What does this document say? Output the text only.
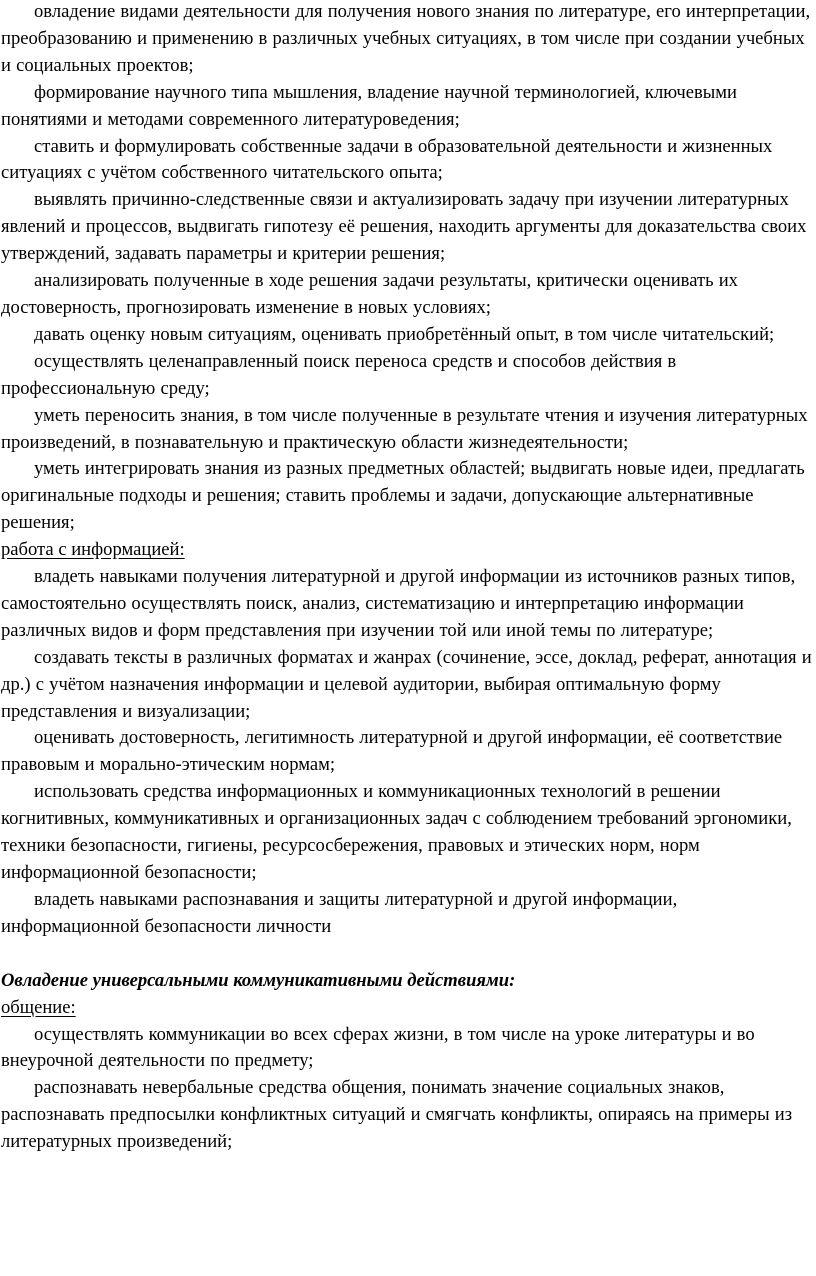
овладение видами деятельности для получения нового знания по литературе, его интерпретации, преобразованию и применению в различных учебных ситуациях, в том числе при создании учебных и социальных проектов;

формирование научного типа мышления, владение научной терминологией, ключевыми понятиями и методами современного литературоведения;

ставить и формулировать собственные задачи в образовательной деятельности и жизненных ситуациях с учётом собственного читательского опыта;

выявлять причинно-следственные связи и актуализировать задачу при изучении литературных явлений и процессов, выдвигать гипотезу её решения, находить аргументы для доказательства своих утверждений, задавать параметры и критерии решения;

анализировать полученные в ходе решения задачи результаты, критически оценивать их достоверность, прогнозировать изменение в новых условиях;

давать оценку новым ситуациям, оценивать приобретённый опыт, в том числе читательский;

осуществлять целенаправленный поиск переноса средств и способов действия в профессиональную среду;

уметь переносить знания, в том числе полученные в результате чтения и изучения литературных произведений, в познавательную и практическую области жизнедеятельности;

уметь интегрировать знания из разных предметных областей; выдвигать новые идеи, предлагать оригинальные подходы и решения; ставить проблемы и задачи, допускающие альтернативные решения;

работа с информацией:

владеть навыками получения литературной и другой информации из источников разных типов, самостоятельно осуществлять поиск, анализ, систематизацию и интерпретацию информации различных видов и форм представления при изучении той или иной темы по литературе;

создавать тексты в различных форматах и жанрах (сочинение, эссе, доклад, реферат, аннотация и др.) с учётом назначения информации и целевой аудитории, выбирая оптимальную форму представления и визуализации;

оценивать достоверность, легитимность литературной и другой информации, её соответствие правовым и морально-этическим нормам;

использовать средства информационных и коммуникационных технологий в решении когнитивных, коммуникативных и организационных задач с соблюдением требований эргономики, техники безопасности, гигиены, ресурсосбережения, правовых и этических норм, норм информационной безопасности;

владеть навыками распознавания и защиты литературной и другой информации, информационной безопасности личности

Овладение универсальными коммуникативными действиями:

общение:

осуществлять коммуникации во всех сферах жизни, в том числе на уроке литературы и во внеурочной деятельности по предмету;

распознавать невербальные средства общения, понимать значение социальных знаков, распознавать предпосылки конфликтных ситуаций и смягчать конфликты, опираясь на примеры из литературных произведений;
